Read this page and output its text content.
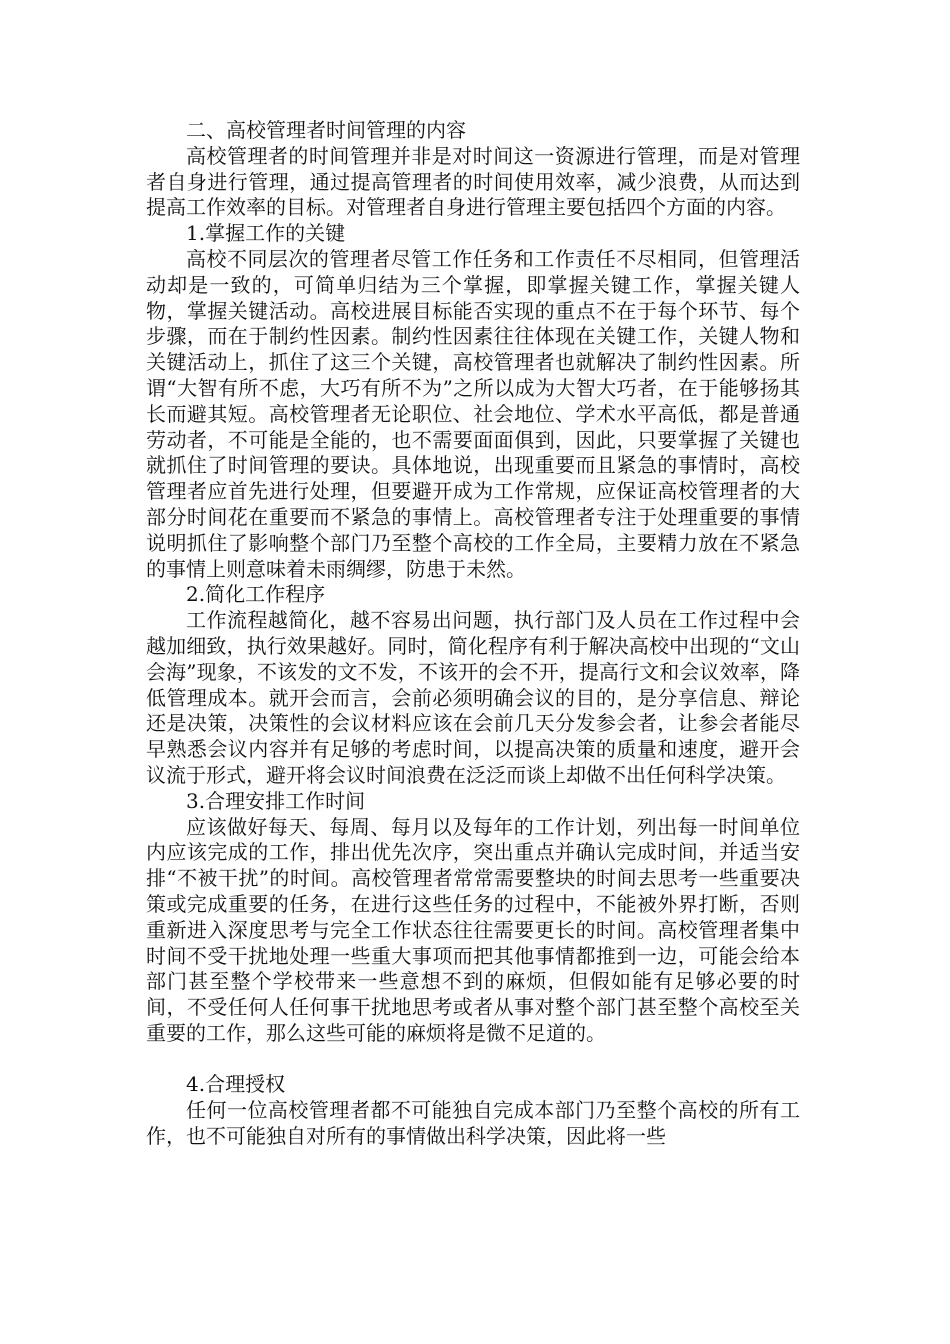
二、高校管理者时间管理的内容

高校管理者的时间管理并非是对时间这一资源进行管理，而是对管理者自身进行管理，通过提高管理者的时间使用效率，减少浪费，从而达到提高工作效率的目标。对管理者自身进行管理主要包括四个方面的内容。

1.掌握工作的关键

高校不同层次的管理者尽管工作任务和工作责任不尽相同，但管理活动却是一致的，可简单归结为三个掌握，即掌握关键工作，掌握关键人物，掌握关键活动。高校进展目标能否实现的重点不在于每个环节、每个步骤，而在于制约性因素。制约性因素往往体现在关键工作，关键人物和关键活动上，抓住了这三个关键，高校管理者也就解决了制约性因素。所谓“大智有所不虑，大巧有所不为”之所以成为大智大巧者，在于能够扬其长而避其短。高校管理者无论职位、社会地位、学术水平高低，都是普通劳动者，不可能是全能的，也不需要面面俱到，因此，只要掌握了关键也就抓住了时间管理的要诀。具体地说，出现重要而且紧急的事情时，高校管理者应首先进行处理，但要避开成为工作常规，应保证高校管理者的大部分时间花在重要而不紧急的事情上。高校管理者专注于处理重要的事情说明抓住了影响整个部门乃至整个高校的工作全局，主要精力放在不紧急的事情上则意味着未雨绸缪，防患于未然。

2.简化工作程序

工作流程越简化，越不容易出问题，执行部门及人员在工作过程中会越加细致，执行效果越好。同时，简化程序有利于解决高校中出现的“文山会海”现象，不该发的文不发，不该开的会不开，提高行文和会议效率，降低管理成本。就开会而言，会前必须明确会议的目的，是分享信息、辩论还是决策，决策性的会议材料应该在会前几天分发参会者，让参会者能尽早熟悉会议内容并有足够的考虑时间，以提高决策的质量和速度，避开会议流于形式，避开将会议时间浪费在泛泛而谈上却做不出任何科学决策。

3.合理安排工作时间

应该做好每天、每周、每月以及每年的工作计划，列出每一时间单位内应该完成的工作，排出优先次序，突出重点并确认完成时间，并适当安排“不被干扰”的时间。高校管理者常常需要整块的时间去思考一些重要决策或完成重要的任务，在进行这些任务的过程中，不能被外界打断，否则重新进入深度思考与完全工作状态往往需要更长的时间。高校管理者集中时间不受干扰地处理一些重大事项而把其他事情都推到一边，可能会给本部门甚至整个学校带来一些意想不到的麻烦，但假如能有足够必要的时间，不受任何人任何事干扰地思考或者从事对整个部门甚至整个高校至关重要的工作，那么这些可能的麻烦将是微不足道的。

4.合理授权

任何一位高校管理者都不可能独自完成本部门乃至整个高校的所有工作，也不可能独自对所有的事情做出科学决策，因此将一些
